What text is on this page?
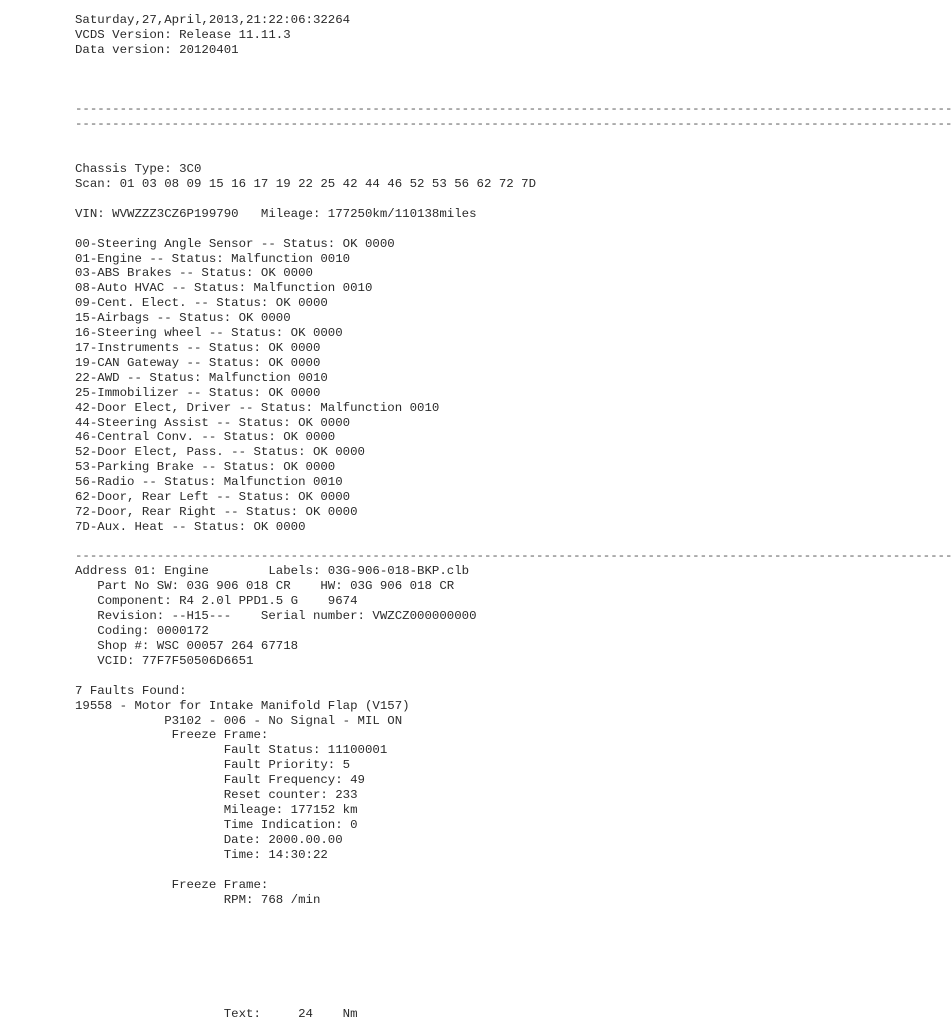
Saturday,27,April,2013,21:22:06:32264
VCDS Version: Release 11.11.3
Data version: 20120401
----------------------------------------------------------------------------------------------------------------------
----------------------------------------------------------------------------------------------------------------------
Chassis Type: 3C0
Scan: 01 03 08 09 15 16 17 19 22 25 42 44 46 52 53 56 62 72 7D
VIN: WVWZZZ3CZ6P199790   Mileage: 177250km/110138miles
00-Steering Angle Sensor -- Status: OK 0000
01-Engine -- Status: Malfunction 0010
03-ABS Brakes -- Status: OK 0000
08-Auto HVAC -- Status: Malfunction 0010
09-Cent. Elect. -- Status: OK 0000
15-Airbags -- Status: OK 0000
16-Steering wheel -- Status: OK 0000
17-Instruments -- Status: OK 0000
19-CAN Gateway -- Status: OK 0000
22-AWD -- Status: Malfunction 0010
25-Immobilizer -- Status: OK 0000
42-Door Elect, Driver -- Status: Malfunction 0010
44-Steering Assist -- Status: OK 0000
46-Central Conv. -- Status: OK 0000
52-Door Elect, Pass. -- Status: OK 0000
53-Parking Brake -- Status: OK 0000
56-Radio -- Status: Malfunction 0010
62-Door, Rear Left -- Status: OK 0000
72-Door, Rear Right -- Status: OK 0000
7D-Aux. Heat -- Status: OK 0000
----------------------------------------------------------------------------------------------------------------------
Address 01: Engine        Labels: 03G-906-018-BKP.clb
Part No SW: 03G 906 018 CR    HW: 03G 906 018 CR
Component: R4 2.0l PPD1.5 G    9674
Revision: --H15---    Serial number: VWZCZ000000000
Coding: 0000172
Shop #: WSC 00057 264 67718
VCID: 77F7F50506D6651
7 Faults Found:
19558 - Motor for Intake Manifold Flap (V157)
P3102 - 006 - No Signal - MIL ON
Freeze Frame:
Fault Status: 11100001
Fault Priority: 5
Fault Frequency: 49
Reset counter: 233
Mileage: 177152 km
Time Indication: 0
Date: 2000.00.00
Time: 14:30:22
Freeze Frame:
RPM: 768 /min
Text:     24    Nm
